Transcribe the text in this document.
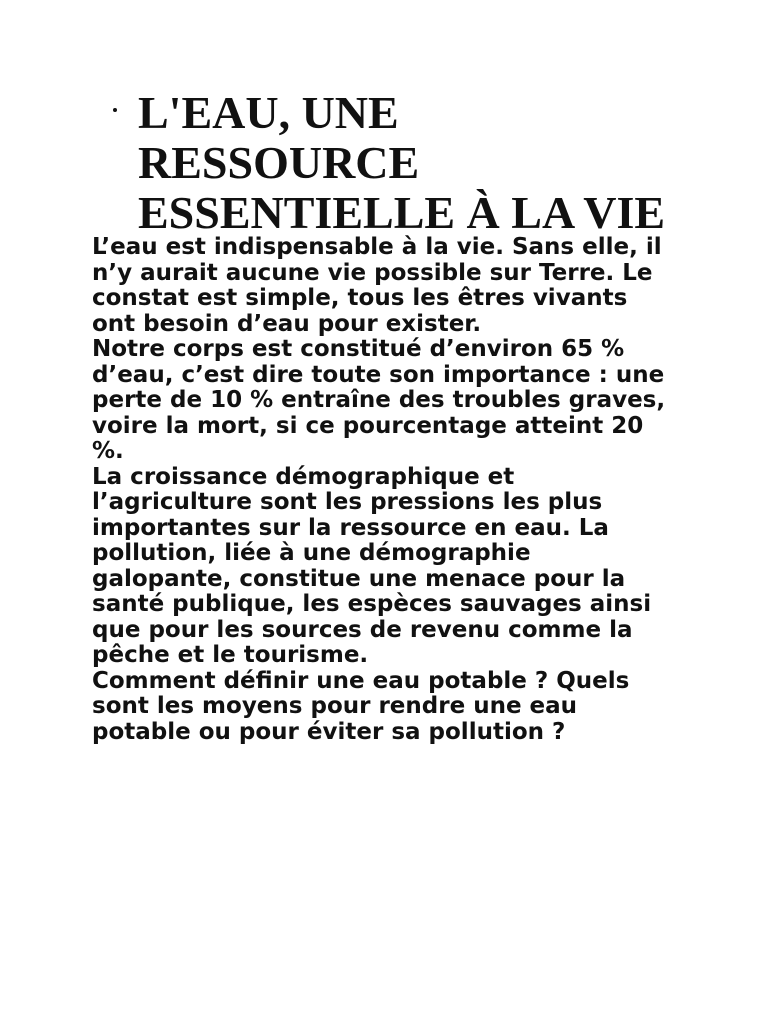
L'EAU, UNE
RESSOURCE
ESSENTIELLE À LA VIE

L’eau est indispensable à la vie. Sans elle, il
n’y aurait aucune vie possible sur Terre. Le
constat est simple, tous les êtres vivants
ont besoin d’eau pour exister.

Notre corps est constitué d’environ 65 %
d’eau, c’est dire toute son importance : une
perte de 10 % entraîne des troubles graves,
voire la mort, si ce pourcentage atteint 20
%.

La croissance démographique et
l’agriculture sont les pressions les plus
importantes sur la ressource en eau. La
pollution, liée à une démographie
galopante, constitue une menace pour la
santé publique, les espèces sauvages ainsi
que pour les sources de revenu comme la
pêche et le tourisme.

Comment définir une eau potable ? Quels
sont les moyens pour rendre une eau
potable ou pour éviter sa pollution ?
